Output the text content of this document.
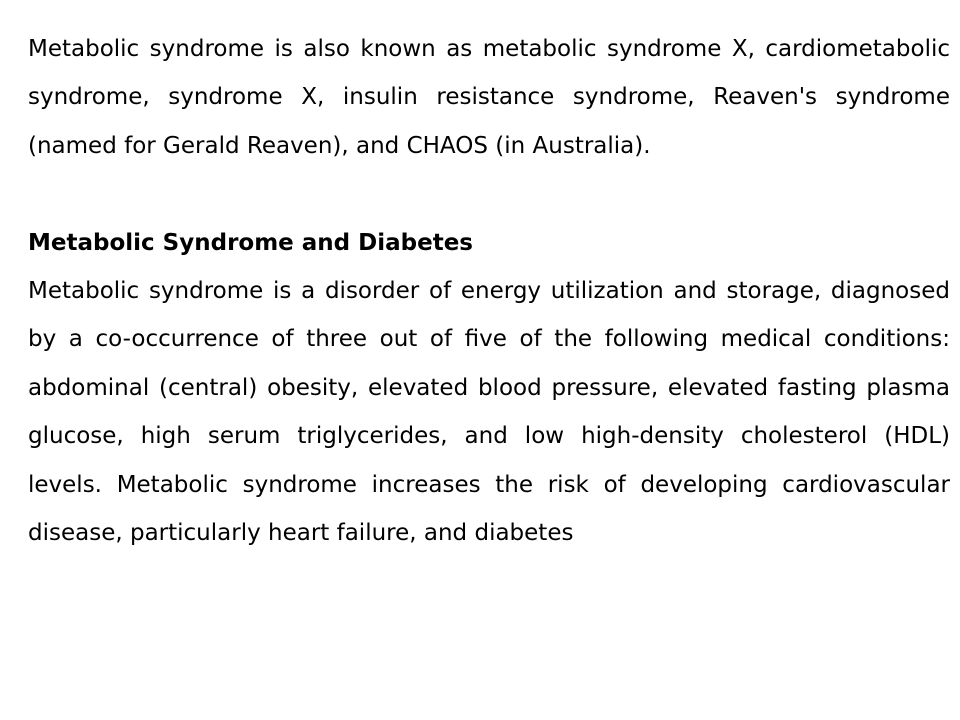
Metabolic syndrome is also known as metabolic syndrome X, cardiometabolic syndrome, syndrome X, insulin resistance syndrome, Reaven's syndrome (named for Gerald Reaven), and CHAOS (in Australia).

Metabolic Syndrome and Diabetes

Metabolic syndrome is a disorder of energy utilization and storage, diagnosed by a co-occurrence of three out of five of the following medical conditions: abdominal (central) obesity, elevated blood pressure, elevated fasting plasma glucose, high serum triglycerides, and low high-density cholesterol (HDL) levels. Metabolic syndrome increases the risk of developing cardiovascular disease, particularly heart failure, and diabetes
